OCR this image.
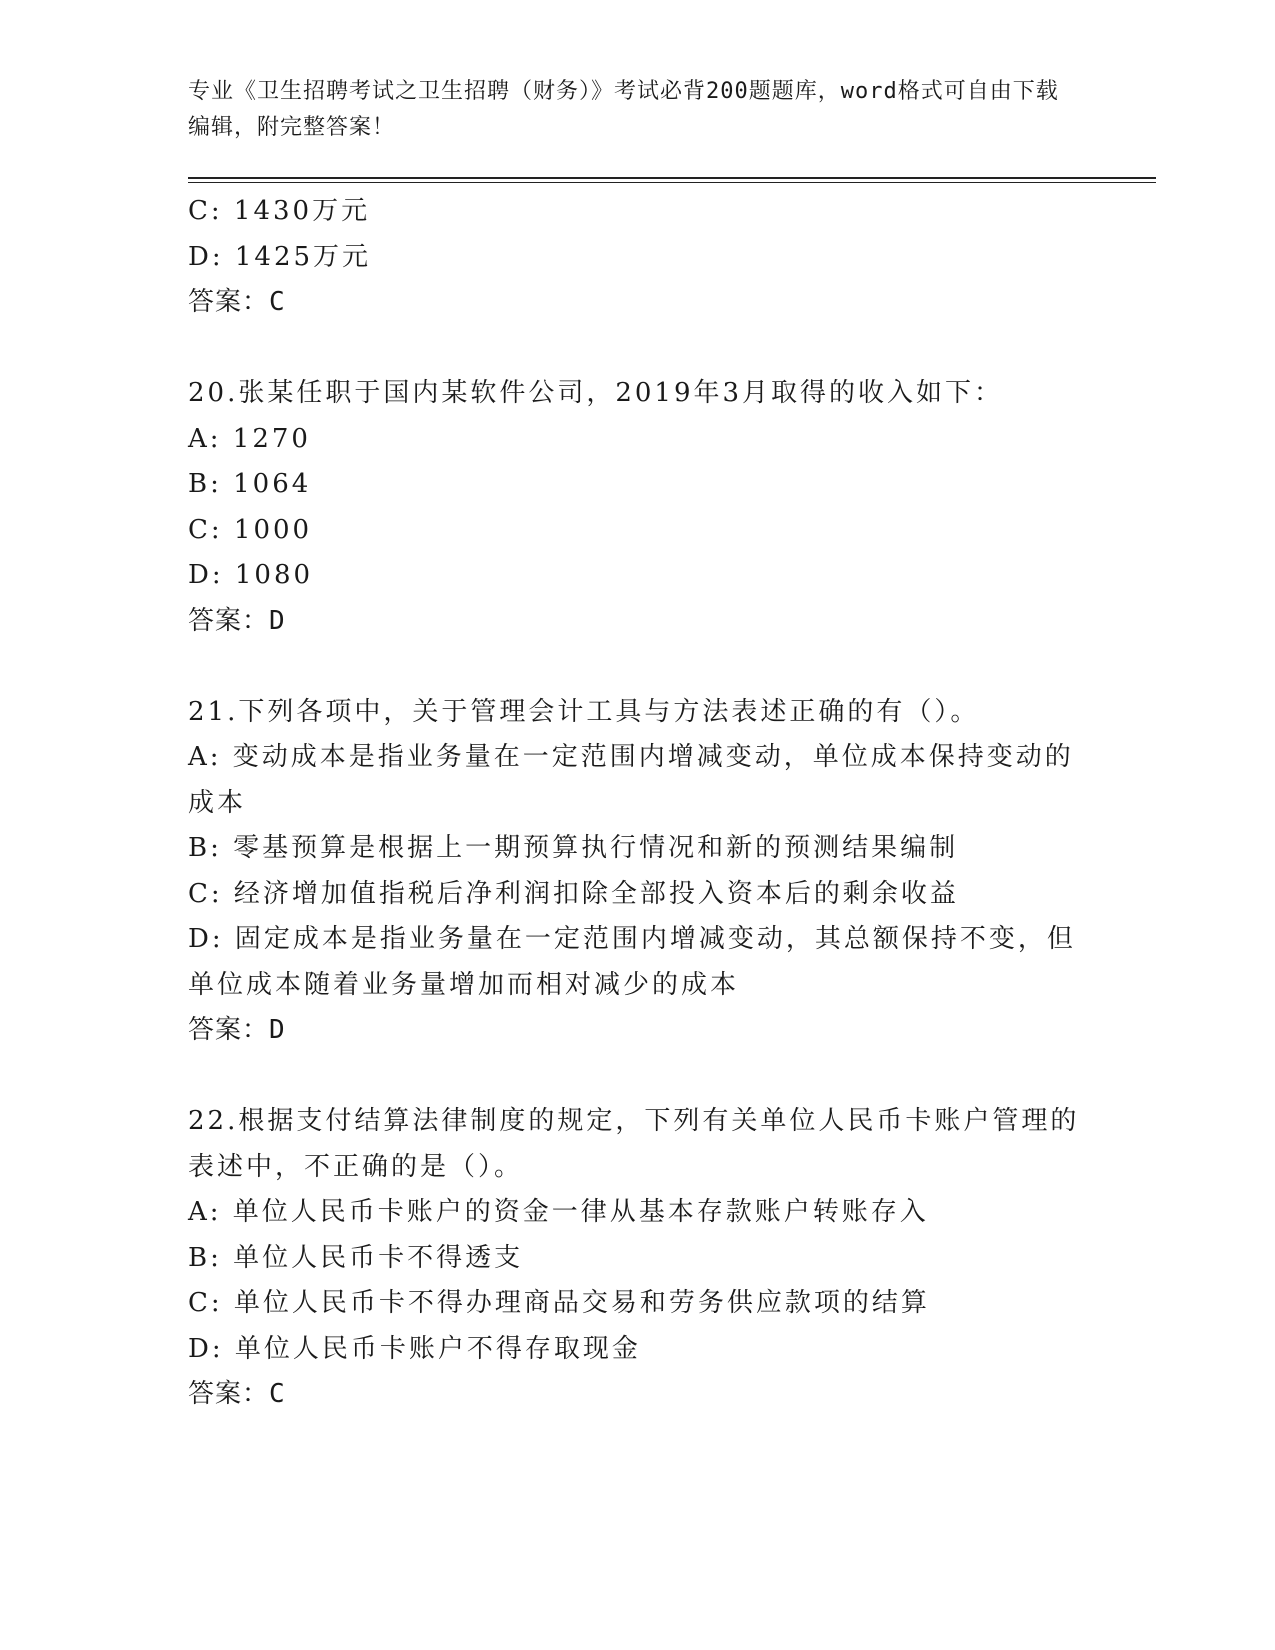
专业《卫生招聘考试之卫生招聘（财务）》考试必背200题题库，word格式可自由下载编辑，附完整答案！
C: 1430万元
D: 1425万元
答案：C
20.张某任职于国内某软件公司，2019年3月取得的收入如下：
A: 1270
B: 1064
C: 1000
D: 1080
答案：D
21.下列各项中，关于管理会计工具与方法表述正确的有（）。
A: 变动成本是指业务量在一定范围内增减变动，单位成本保持变动的成本
B: 零基预算是根据上一期预算执行情况和新的预测结果编制
C: 经济增加值指税后净利润扣除全部投入资本后的剩余收益
D: 固定成本是指业务量在一定范围内增减变动，其总额保持不变，但单位成本随着业务量增加而相对减少的成本
答案：D
22.根据支付结算法律制度的规定，下列有关单位人民币卡账户管理的表述中，不正确的是（）。
A: 单位人民币卡账户的资金一律从基本存款账户转账存入
B: 单位人民币卡不得透支
C: 单位人民币卡不得办理商品交易和劳务供应款项的结算
D: 单位人民币卡账户不得存取现金
答案：C
